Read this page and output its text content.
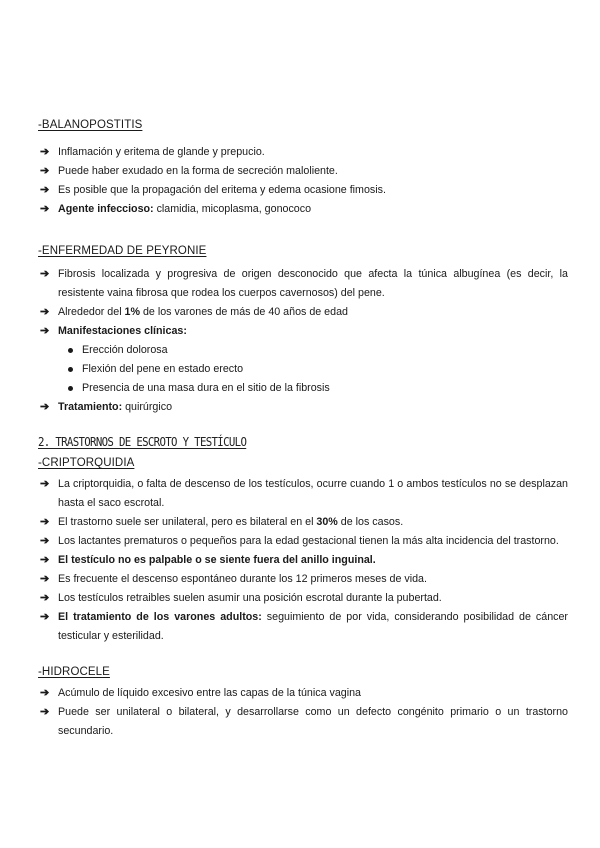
-BALANOPOSTITIS

➔ Inflamación y eritema de glande y prepucio.
➔ Puede haber exudado en la forma de secreción maloliente.
➔ Es posible que la propagación del eritema y edema ocasione fimosis.
➔ Agente infeccioso: clamidia, micoplasma, gonococo

-ENFERMEDAD DE PEYRONIE

➔ Fibrosis localizada y progresiva de origen desconocido que afecta la túnica albugínea (es decir, la resistente vaina fibrosa que rodea los cuerpos cavernosos) del pene.
➔ Alrededor del 1% de los varones de más de 40 años de edad
➔ Manifestaciones clínicas:
Erección dolorosa
Flexión del pene en estado erecto
Presencia de una masa dura en el sitio de la fibrosis
➔ Tratamiento: quirúrgico

2. TRASTORNOS DE ESCROTO Y TESTÍCULO

-CRIPTORQUIDIA

➔ La criptorquidia, o falta de descenso de los testículos, ocurre cuando 1 o ambos testículos no se desplazan hasta el saco escrotal.
➔ El trastorno suele ser unilateral, pero es bilateral en el 30% de los casos.
➔ Los lactantes prematuros o pequeños para la edad gestacional tienen la más alta incidencia del trastorno.
➔ El testículo no es palpable o se siente fuera del anillo inguinal.
➔ Es frecuente el descenso espontáneo durante los 12 primeros meses de vida.
➔ Los testículos retraibles suelen asumir una posición escrotal durante la pubertad.
➔ El tratamiento de los varones adultos: seguimiento de por vida, considerando posibilidad de cáncer testicular y esterilidad.

-HIDROCELE

➔ Acúmulo de líquido excesivo entre las capas de la túnica vagina
➔ Puede ser unilateral o bilateral, y desarrollarse como un defecto congénito primario o un trastorno secundario.
